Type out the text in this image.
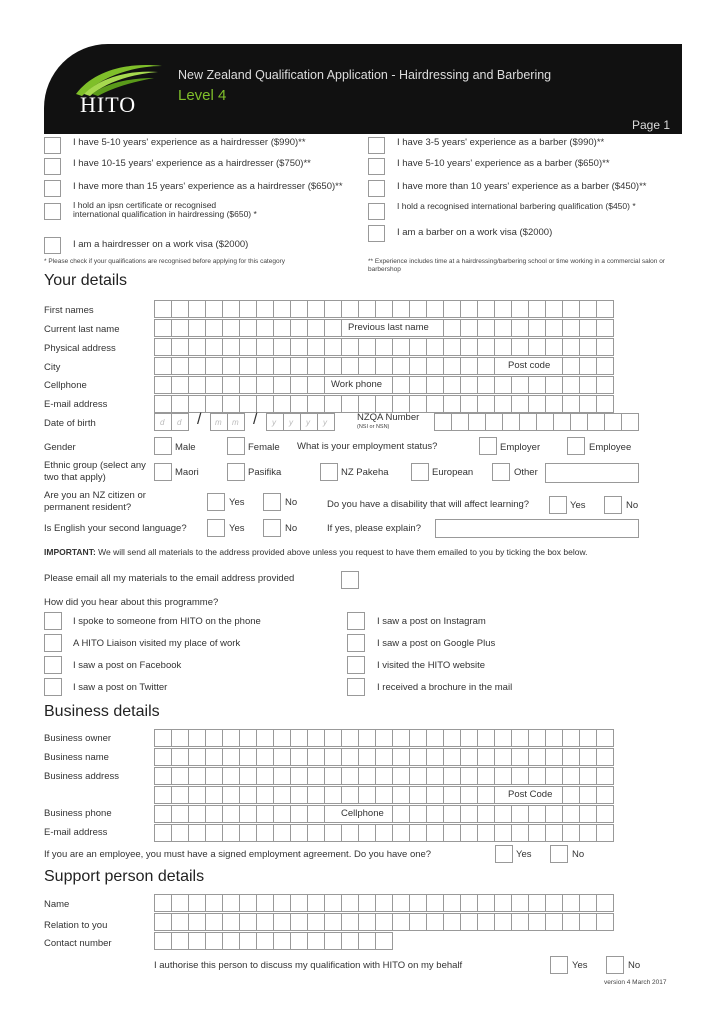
HITO
New Zealand Qualification Application - Hairdressing and Barbering
Level 4
Page 1
I have 5-10 years' experience as a hairdresser ($990)**
I have 10-15 years' experience as a hairdresser ($750)**
I have more than 15 years' experience as a hairdresser ($650)**
I hold an ipsn certificate or recognised international qualification in hairdressing ($650) *
I am a hairdresser on a work visa ($2000)
I have 3-5 years' experience as a barber ($990)**
I have 5-10 years' experience as a barber ($650)**
I have more than 10 years' experience as a barber ($450)**
I hold a recognised international barbering qualification ($450) *
I am a barber on a work visa ($2000)
* Please check if your qualifications are recognised before applying for this category	** Experience includes time at a hairdressing/barbering school or time working in a commercial salon or barbershop
Your details
First names
Current last name	Previous last name
Physical address
City	Post code
Cellphone	Work phone
E-mail address
Date of birth	/	/
d d	m m	y y y y	NZQA Number
(NSI or NSN)
Gender	Male	Female What is your employment status?	Employer	Employee
Ethnic group (select any two that apply)	Maori	Pasifika	NZ Pakeha	European	Other
Are you an NZ citizen or permanent resident?	Yes	No	Do you have a disability that will affect learning?	Yes	No
Is English your second language?	Yes	No	If yes, please explain?
IMPORTANT: We will send all materials to the address provided above unless you request to have them emailed to you by ticking the box below.
Please email all my materials to the email address provided
How did you hear about this programme?
I spoke to someone from HITO on the phone
A HITO Liaison visited my place of work
I saw a post on Facebook
I saw a post on Twitter
I saw a post on Instagram
I saw a post on Google Plus
I visited the HITO website
I received a brochure in the mail
Business details
Business owner
Business name
Business address
Post Code
Business phone	Cellphone
E-mail address
If you are an employee, you must have a signed employment agreement. Do you have one?	Yes	No
Support person details
Name
Relation to you
Contact number
I authorise this person to discuss my qualification with HITO on my behalf	Yes	No
version 4 March 2017
